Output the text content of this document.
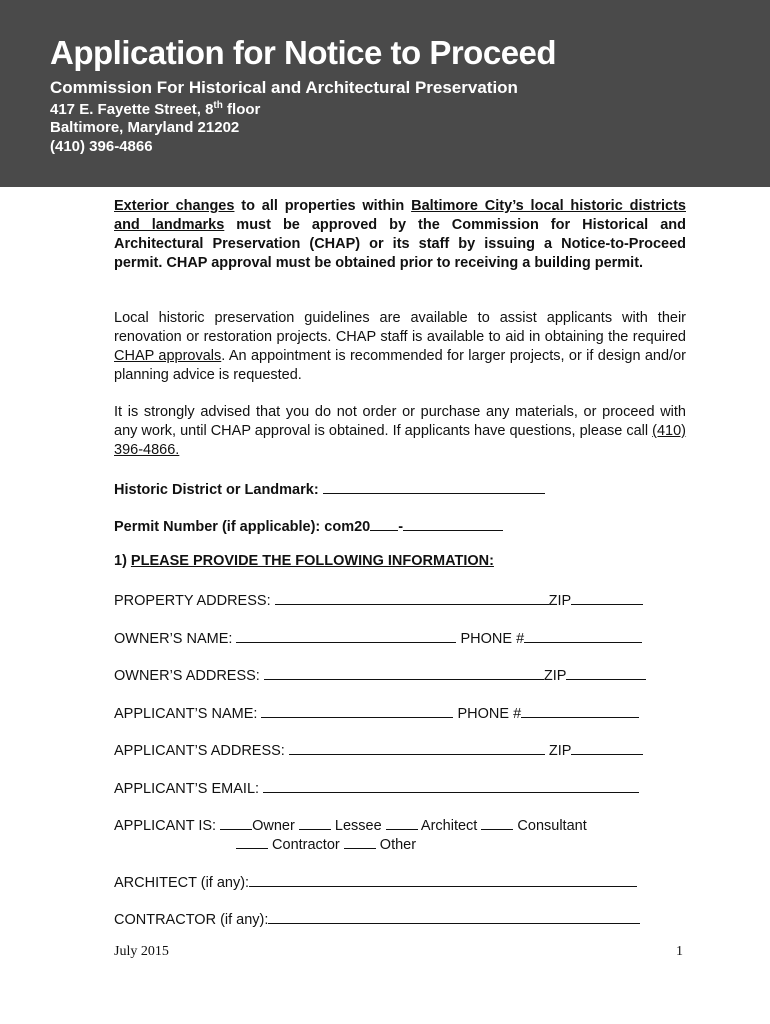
Application for Notice to Proceed
Commission For Historical and Architectural Preservation
417 E. Fayette Street, 8th floor
Baltimore, Maryland 21202
(410) 396-4866
Exterior changes to all properties within Baltimore City’s local historic districts and landmarks must be approved by the Commission for Historical and Architectural Preservation (CHAP) or its staff by issuing a Notice-to-Proceed permit. CHAP approval must be obtained prior to receiving a building permit.
Local historic preservation guidelines are available to assist applicants with their renovation or restoration projects. CHAP staff is available to aid in obtaining the required CHAP approvals. An appointment is recommended for larger projects, or if design and/or planning advice is requested.
It is strongly advised that you do not order or purchase any materials, or proceed with any work, until CHAP approval is obtained. If applicants have questions, please call (410) 396-4866.
Historic District or Landmark:
Permit Number (if applicable): com20 -
1) PLEASE PROVIDE THE FOLLOWING INFORMATION:
PROPERTY ADDRESS:	ZIP
OWNER’S NAME:	PHONE #
OWNER’S ADDRESS:	ZIP
APPLICANT’S NAME:	PHONE #
APPLICANT’S ADDRESS:	ZIP
APPLICANT’S EMAIL:
APPLICANT IS: Owner	Lessee	Architect	Consultant
Contractor	Other
ARCHITECT (if any):
CONTRACTOR (if any):
July 2015	1
